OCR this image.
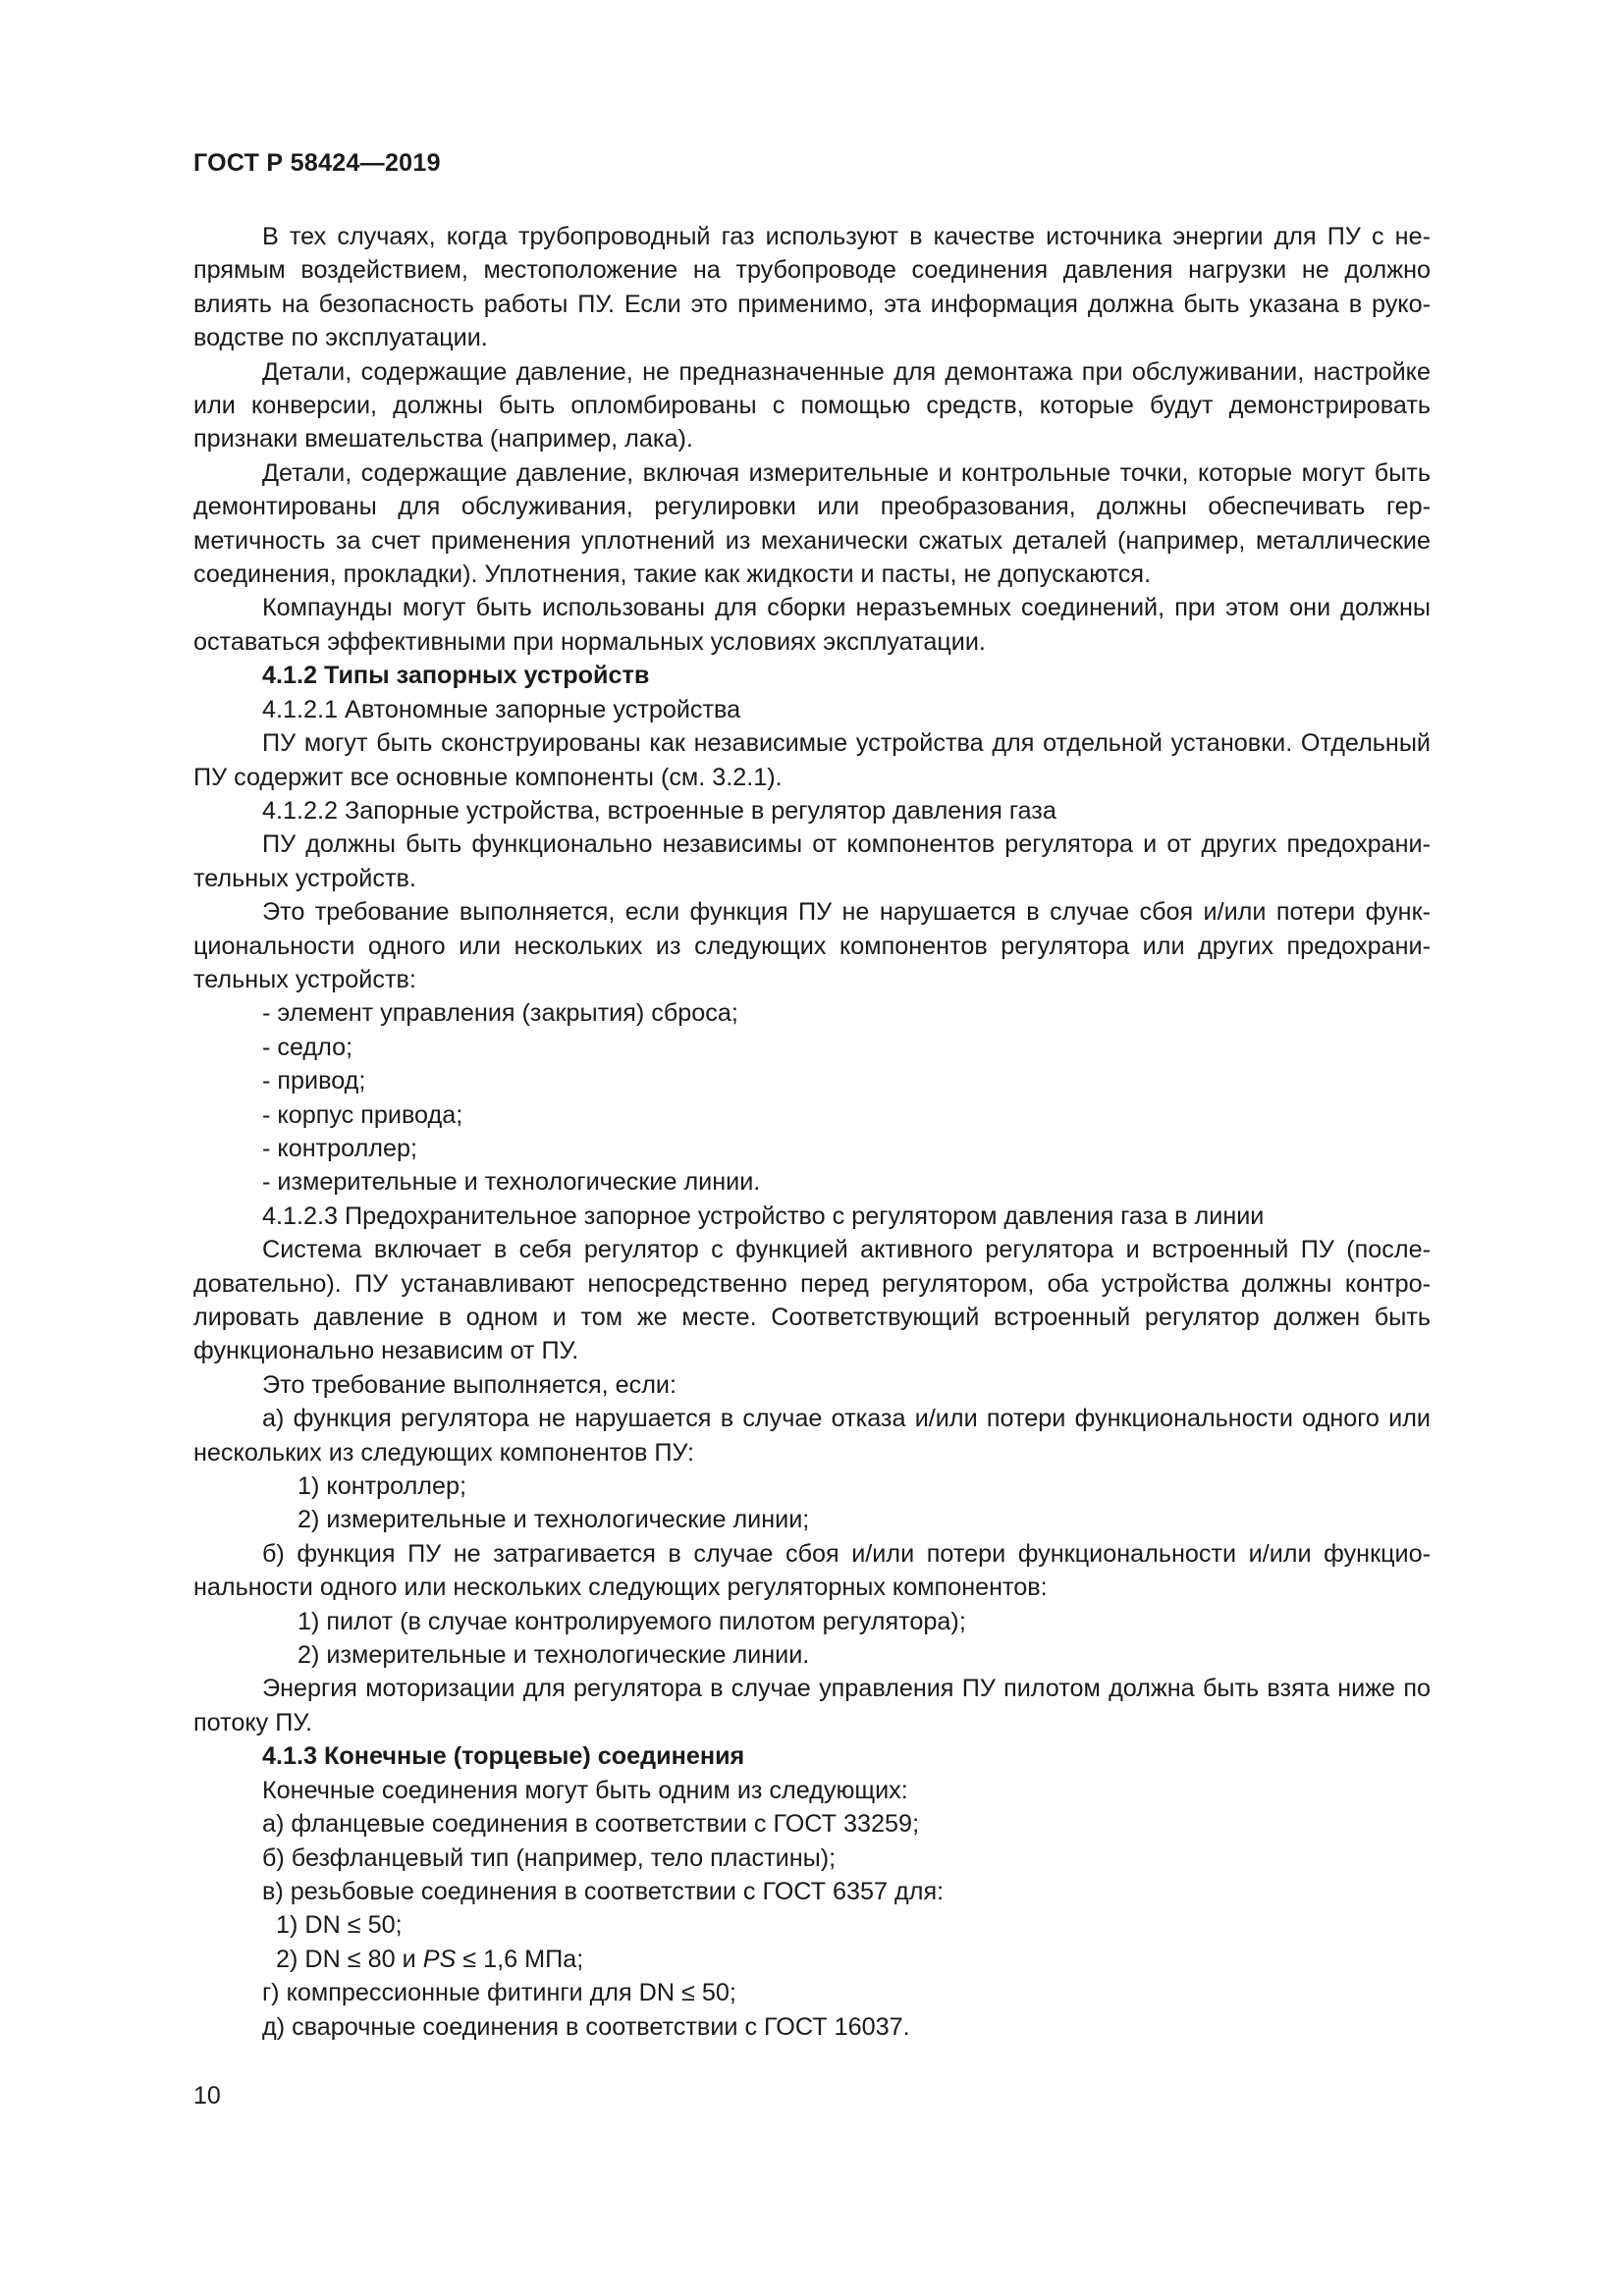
ГОСТ Р 58424—2019

В тех случаях, когда трубопроводный газ используют в качестве источника энергии для ПУ с непрямым воздействием, местоположение на трубопроводе соединения давления нагрузки не должно влиять на безопасность работы ПУ. Если это применимо, эта информация должна быть указана в руководстве по эксплуатации.

Детали, содержащие давление, не предназначенные для демонтажа при обслуживании, настройке или конверсии, должны быть опломбированы с помощью средств, которые будут демонстрировать признаки вмешательства (например, лака).

Детали, содержащие давление, включая измерительные и контрольные точки, которые могут быть демонтированы для обслуживания, регулировки или преобразования, должны обеспечивать герметичность за счет применения уплотнений из механически сжатых деталей (например, металлические соединения, прокладки). Уплотнения, такие как жидкости и пасты, не допускаются.

Компаунды могут быть использованы для сборки неразъемных соединений, при этом они должны оставаться эффективными при нормальных условиях эксплуатации.

4.1.2 Типы запорных устройств

4.1.2.1 Автономные запорные устройства

ПУ могут быть сконструированы как независимые устройства для отдельной установки. Отдельный ПУ содержит все основные компоненты (см. 3.2.1).

4.1.2.2 Запорные устройства, встроенные в регулятор давления газа

ПУ должны быть функционально независимы от компонентов регулятора и от других предохранительных устройств.

Это требование выполняется, если функция ПУ не нарушается в случае сбоя и/или потери функциональности одного или нескольких из следующих компонентов регулятора или других предохранительных устройств:

- элемент управления (закрытия) сброса;

- седло;

- привод;

- корпус привода;

- контроллер;

- измерительные и технологические линии.

4.1.2.3 Предохранительное запорное устройство с регулятором давления газа в линии

Система включает в себя регулятор с функцией активного регулятора и встроенный ПУ (последовательно). ПУ устанавливают непосредственно перед регулятором, оба устройства должны контролировать давление в одном и том же месте. Соответствующий встроенный регулятор должен быть функционально независим от ПУ.

Это требование выполняется, если:

а) функция регулятора не нарушается в случае отказа и/или потери функциональности одного или нескольких из следующих компонентов ПУ:

1) контроллер;

2) измерительные и технологические линии;

б) функция ПУ не затрагивается в случае сбоя и/или потери функциональности и/или функциональности одного или нескольких следующих регуляторных компонентов:

1) пилот (в случае контролируемого пилотом регулятора);

2) измерительные и технологические линии.

Энергия моторизации для регулятора в случае управления ПУ пилотом должна быть взята ниже по потоку ПУ.

4.1.3 Конечные (торцевые) соединения

Конечные соединения могут быть одним из следующих:

а) фланцевые соединения в соответствии с ГОСТ 33259;

б) безфланцевый тип (например, тело пластины);

в) резьбовые соединения в соответствии с ГОСТ 6357 для:

1) DN ≤ 50;

2) DN ≤ 80 и PS ≤ 1,6 МПа;

г) компрессионные фитинги для DN ≤ 50;

д) сварочные соединения в соответствии с ГОСТ 16037.

10
